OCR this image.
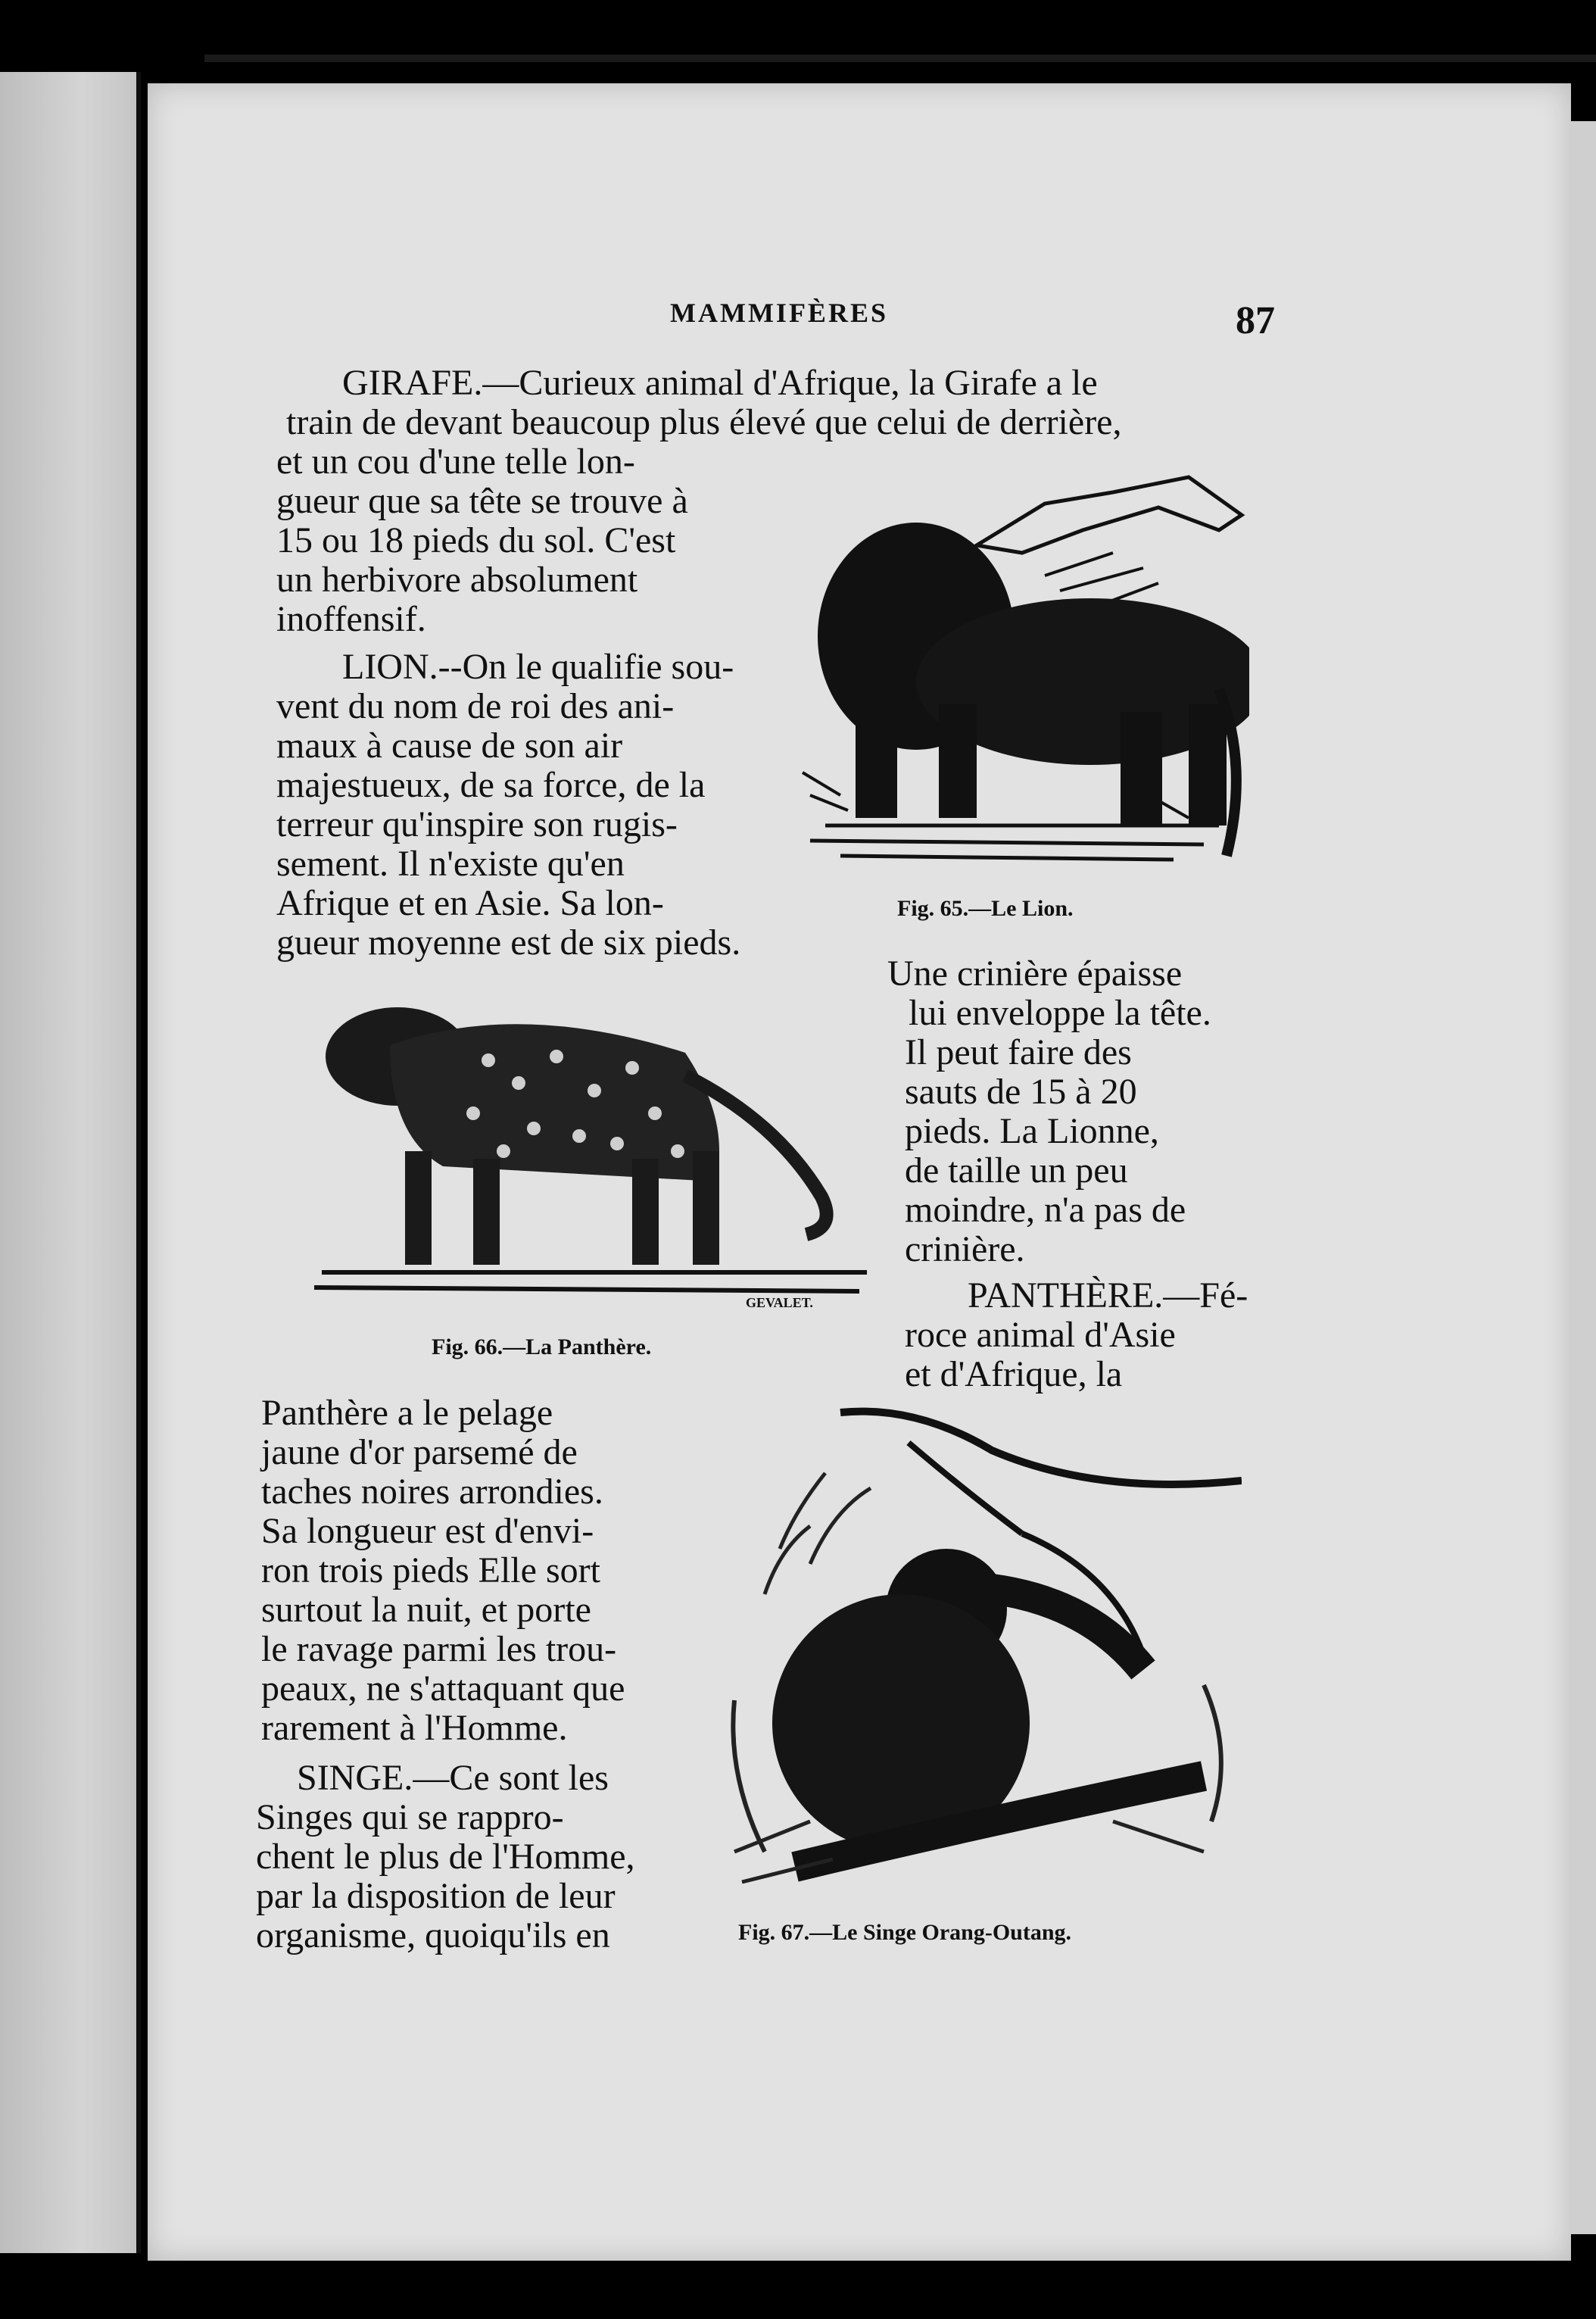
MAMMIFÈRES	87

GIRAFE.—Curieux animal d'Afrique, la Girafe a le

train de devant beaucoup plus élevé que celui de derrière,

et un cou d'une telle lon-

gueur que sa tête se trouve à

15 ou 18 pieds du sol. C'est

un herbivore absolument

inoffensif.

LION.--On le qualifie sou-

vent du nom de roi des ani-

maux à cause de son air

majestueux, de sa force, de la

terreur qu'inspire son rugis-

sement. Il n'existe qu'en

Afrique et en Asie. Sa lon-

gueur moyenne est de six pieds.

Fig. 65.—Le Lion.

Une crinière épaisse

lui enveloppe la tête.

Il peut faire des

sauts de 15 à 20

pieds. La Lionne,

de taille un peu

moindre, n'a pas de

crinière.

GEVALET.

Fig. 66.—La Panthère.

PANTHÈRE.—Fé-

roce animal d'Asie

et d'Afrique, la

Panthère a le pelage

jaune d'or parsemé de

taches noires arrondies.

Sa longueur est d'envi-

ron trois pieds Elle sort

surtout la nuit, et porte

le ravage parmi les trou-

peaux, ne s'attaquant que

rarement à l'Homme.

SINGE.—Ce sont les

Singes qui se rappro-

chent le plus de l'Homme,

par la disposition de leur

organisme, quoiqu'ils en	Fig. 67.—Le Singe Orang-Outang.
